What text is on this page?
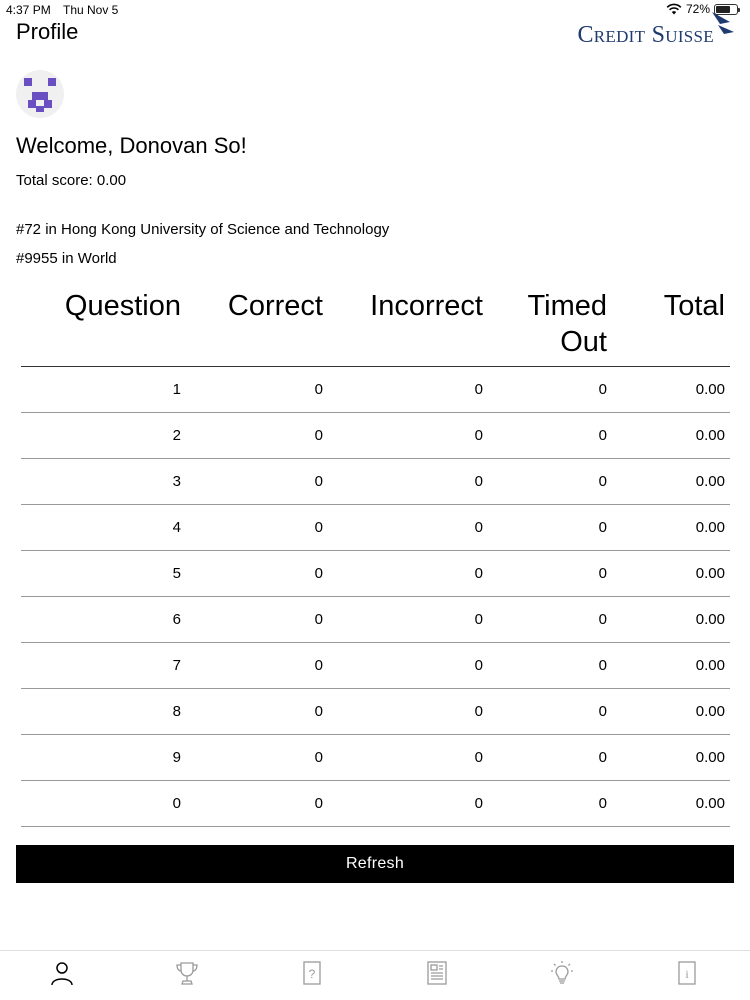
4:37 PM Thu Nov 5	72%
Profile	Credit Suisse
Welcome, Donovan So!
Total score: 0.00
#72 in Hong Kong University of Science and Technology
#9955 in World
Question	Correct	Incorrect	Timed Out	Total
1	0	0	0	0.00
2	0	0	0	0.00
3	0	0	0	0.00
4	0	0	0	0.00
5	0	0	0	0.00
6	0	0	0	0.00
7	0	0	0	0.00
8	0	0	0	0.00
9	0	0	0	0.00
0	0	0	0	0.00
Refresh
?	i
